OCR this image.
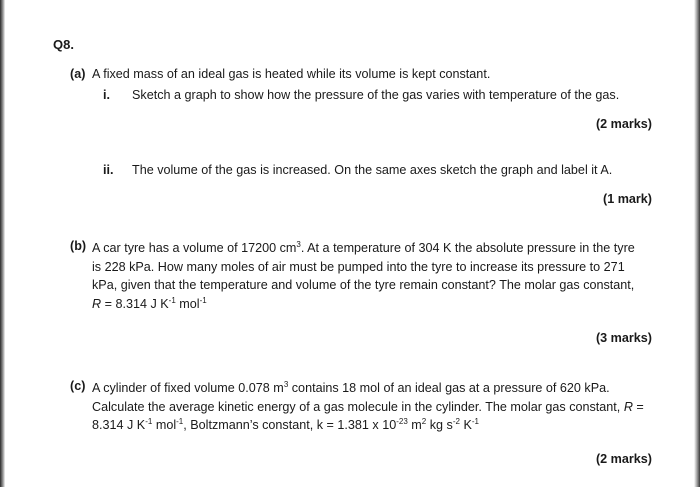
Q8.
(a) A fixed mass of an ideal gas is heated while its volume is kept constant.
i. Sketch a graph to show how the pressure of the gas varies with temperature of the gas.
(2 marks)
ii. The volume of the gas is increased. On the same axes sketch the graph and label it A.
(1 mark)
(b) A car tyre has a volume of 17200 $cm^3$. At a temperature of 304 K the absolute pressure in the tyre
is 228 kPa. How many moles of air must be pumped into the tyre to increase its pressure to 271
kPa, given that the temperature and volume of the tyre remain constant? The molar gas constant,
R = 8.314 J $K^{-1}$ mol$^{-1}$
(3 marks)
(c) A cylinder of fixed volume 0.078 $m^3$ contains 18 mol of an ideal gas at a pressure of 620 kPa.
Calculate the average kinetic energy of a gas molecule in the cylinder. The molar gas constant, R =
8.314 J $K^{-1}$ mol$^{-1}$, Boltzmann’s constant, k = 1.381 x $10^{-23}$ $m^2$ kg $s^{-2}$ $K^{-1}$
(2 marks)
